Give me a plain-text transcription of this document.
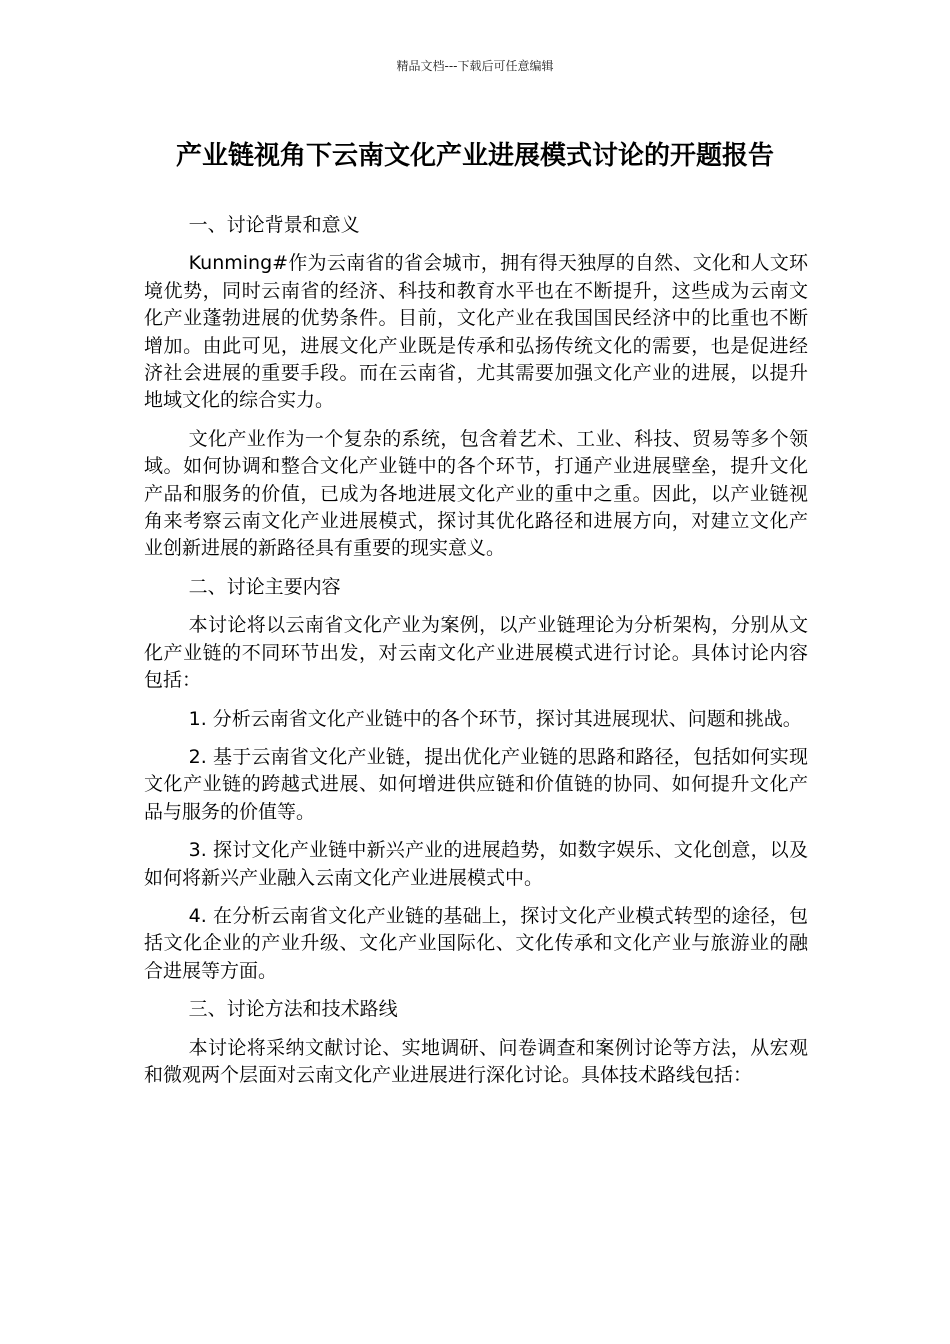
精品文档---下载后可任意编辑
产业链视角下云南文化产业进展模式讨论的开题报告

一、讨论背景和意义

Kunming#作为云南省的省会城市，拥有得天独厚的自然、文化和人文环境优势，同时云南省的经济、科技和教育水平也在不断提升，这些成为云南文化产业蓬勃进展的优势条件。目前，文化产业在我国国民经济中的比重也不断增加。由此可见，进展文化产业既是传承和弘扬传统文化的需要，也是促进经济社会进展的重要手段。而在云南省，尤其需要加强文化产业的进展，以提升地域文化的综合实力。

文化产业作为一个复杂的系统，包含着艺术、工业、科技、贸易等多个领域。如何协调和整合文化产业链中的各个环节，打通产业进展壁垒，提升文化产品和服务的价值，已成为各地进展文化产业的重中之重。因此，以产业链视角来考察云南文化产业进展模式，探讨其优化路径和进展方向，对建立文化产业创新进展的新路径具有重要的现实意义。

二、讨论主要内容

本讨论将以云南省文化产业为案例，以产业链理论为分析架构，分别从文化产业链的不同环节出发，对云南文化产业进展模式进行讨论。具体讨论内容包括：

1. 分析云南省文化产业链中的各个环节，探讨其进展现状、问题和挑战。

2. 基于云南省文化产业链，提出优化产业链的思路和路径，包括如何实现文化产业链的跨越式进展、如何增进供应链和价值链的协同、如何提升文化产品与服务的价值等。

3. 探讨文化产业链中新兴产业的进展趋势，如数字娱乐、文化创意，以及如何将新兴产业融入云南文化产业进展模式中。

4. 在分析云南省文化产业链的基础上，探讨文化产业模式转型的途径，包括文化企业的产业升级、文化产业国际化、文化传承和文化产业与旅游业的融合进展等方面。

三、讨论方法和技术路线

本讨论将采纳文献讨论、实地调研、问卷调查和案例讨论等方法，从宏观和微观两个层面对云南文化产业进展进行深化讨论。具体技术路线包括：
